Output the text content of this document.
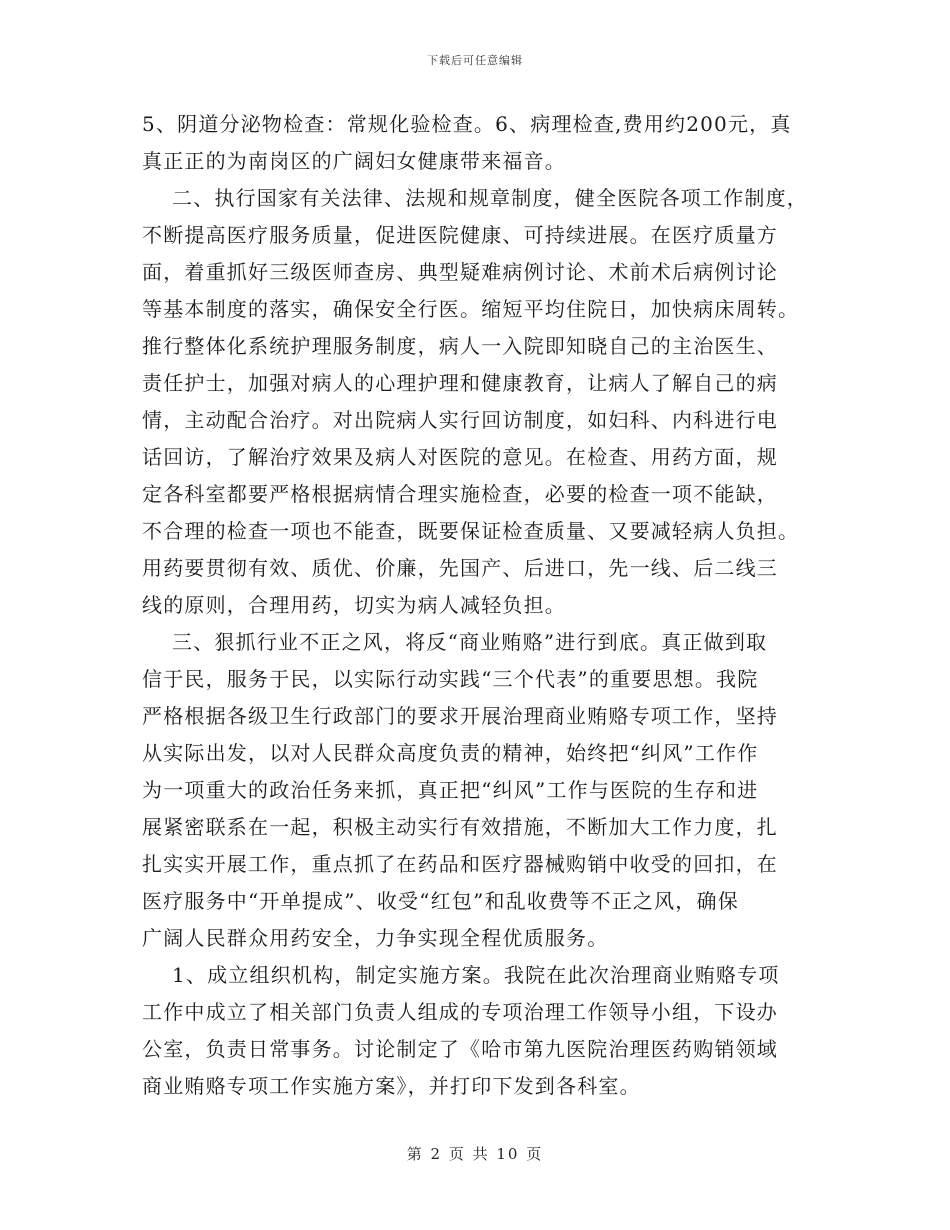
下载后可任意编辑
5、阴道分泌物检查：常规化验检查。6、病理检查,费用约200元，真
真正正的为南岗区的广阔妇女健康带来福音。
二、执行国家有关法律、法规和规章制度，健全医院各项工作制度，
不断提高医疗服务质量，促进医院健康、可持续进展。在医疗质量方
面，着重抓好三级医师查房、典型疑难病例讨论、术前术后病例讨论
等基本制度的落实，确保安全行医。缩短平均住院日，加快病床周转。
推行整体化系统护理服务制度，病人一入院即知晓自己的主治医生、
责任护士，加强对病人的心理护理和健康教育，让病人了解自己的病
情，主动配合治疗。对出院病人实行回访制度，如妇科、内科进行电
话回访，了解治疗效果及病人对医院的意见。在检查、用药方面，规
定各科室都要严格根据病情合理实施检查，必要的检查一项不能缺，
不合理的检查一项也不能查，既要保证检查质量、又要减轻病人负担。
用药要贯彻有效、质优、价廉，先国产、后进口，先一线、后二线三
线的原则，合理用药，切实为病人减轻负担。
三、狠抓行业不正之风，将反“商业贿赂”进行到底。真正做到取
信于民，服务于民，以实际行动实践“三个代表”的重要思想。我院
严格根据各级卫生行政部门的要求开展治理商业贿赂专项工作，坚持
从实际出发，以对人民群众高度负责的精神，始终把“纠风”工作作
为一项重大的政治任务来抓，真正把“纠风”工作与医院的生存和进
展紧密联系在一起，积极主动实行有效措施，不断加大工作力度，扎
扎实实开展工作，重点抓了在药品和医疗器械购销中收受的回扣，在
医疗服务中“开单提成”、收受“红包”和乱收费等不正之风，确保
广阔人民群众用药安全，力争实现全程优质服务。
1、成立组织机构，制定实施方案。我院在此次治理商业贿赂专项
工作中成立了相关部门负责人组成的专项治理工作领导小组，下设办
公室，负责日常事务。讨论制定了《哈市第九医院治理医药购销领域
商业贿赂专项工作实施方案》，并打印下发到各科室。
第 2 页 共 10 页
